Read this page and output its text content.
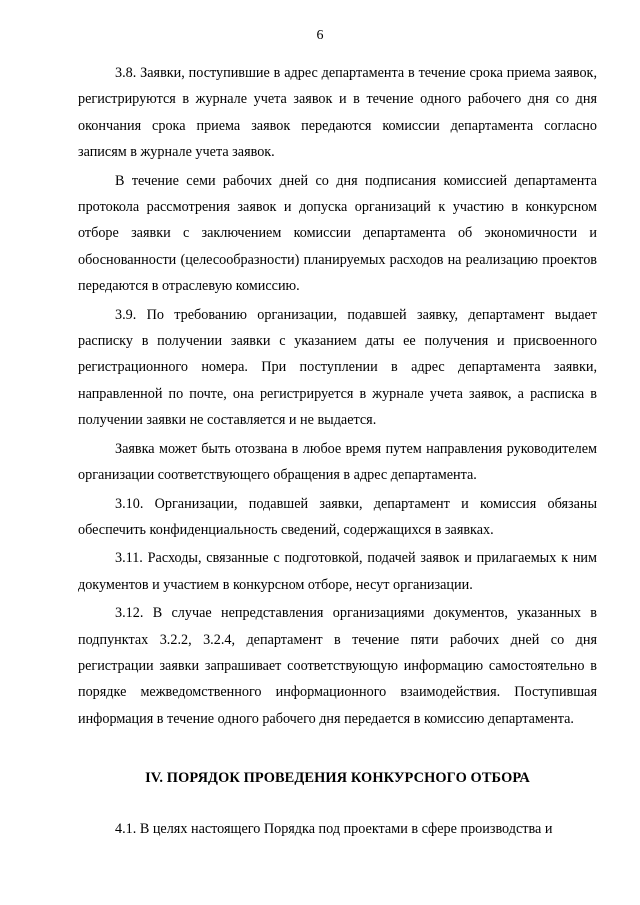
6

3.8. Заявки, поступившие в адрес департамента в течение срока приема заявок, регистрируются в журнале учета заявок и в течение одного рабочего дня со дня окончания срока приема заявок передаются комиссии департамента согласно записям в журнале учета заявок.

В течение семи рабочих дней со дня подписания комиссией департамента протокола рассмотрения заявок и допуска организаций к участию в конкурсном отборе заявки с заключением комиссии департамента об экономичности и обоснованности (целесообразности) планируемых расходов на реализацию проектов передаются в отраслевую комиссию.

3.9. По требованию организации, подавшей заявку, департамент выдает расписку в получении заявки с указанием даты ее получения и присвоенного регистрационного номера. При поступлении в адрес департамента заявки, направленной по почте, она регистрируется в журнале учета заявок, а расписка в получении заявки не составляется и не выдается.

Заявка может быть отозвана в любое время путем направления руководителем организации соответствующего обращения в адрес департамента.

3.10. Организации, подавшей заявки, департамент и комиссия обязаны обеспечить конфиденциальность сведений, содержащихся в заявках.

3.11. Расходы, связанные с подготовкой, подачей заявок и прилагаемых к ним документов и участием в конкурсном отборе, несут организации.

3.12. В случае непредставления организациями документов, указанных в подпунктах 3.2.2, 3.2.4, департамент в течение пяти рабочих дней со дня регистрации заявки запрашивает соответствующую информацию самостоятельно в порядке межведомственного информационного взаимодействия. Поступившая информация в течение одного рабочего дня передается в комиссию департамента.

IV. ПОРЯДОК ПРОВЕДЕНИЯ КОНКУРСНОГО ОТБОРА

4.1. В целях настоящего Порядка под проектами в сфере производства и
